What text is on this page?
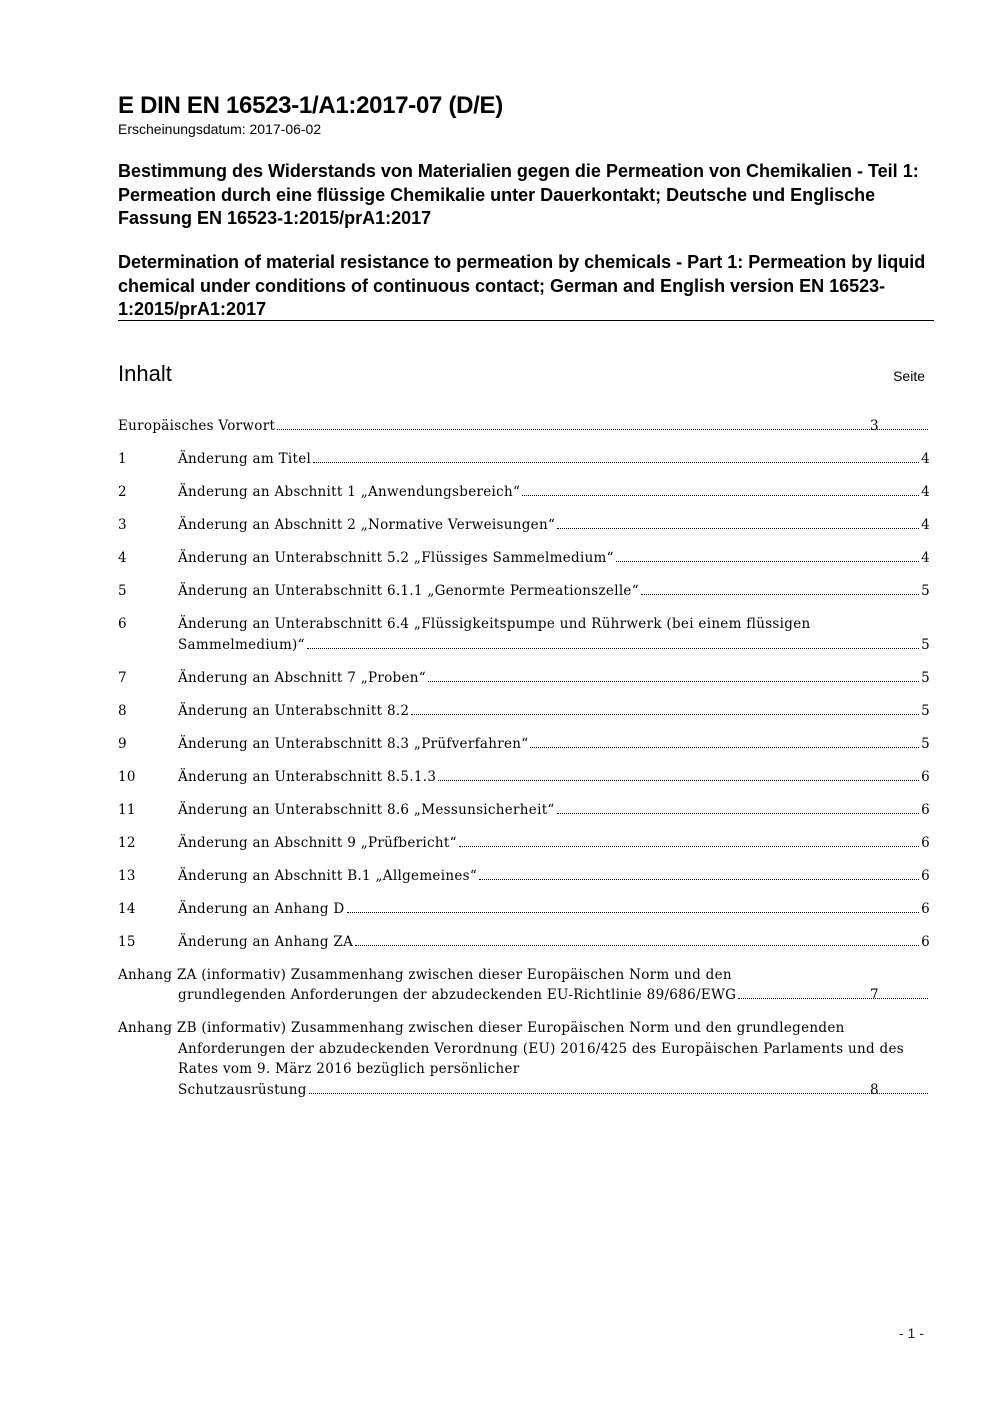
E DIN EN 16523-1/A1:2017-07 (D/E)
Erscheinungsdatum: 2017-06-02
Bestimmung des Widerstands von Materialien gegen die Permeation von Chemikalien - Teil 1: Permeation durch eine flüssige Chemikalie unter Dauerkontakt; Deutsche und Englische Fassung EN 16523-1:2015/prA1:2017
Determination of material resistance to permeation by chemicals - Part 1: Permeation by liquid chemical under conditions of continuous contact; German and English version EN 16523-1:2015/prA1:2017
Inhalt	Seite
Europäisches Vorwort	3
1	Änderung am Titel	4
2	Änderung an Abschnitt 1 „Anwendungsbereich“	4
3	Änderung an Abschnitt 2 „Normative Verweisungen“	4
4	Änderung an Unterabschnitt 5.2 „Flüssiges Sammelmedium“	4
5	Änderung an Unterabschnitt 6.1.1 „Genormte Permeationszelle“	5
6	Änderung an Unterabschnitt 6.4 „Flüssigkeitspumpe und Rührwerk (bei einem flüssigen
Sammelmedium)“	5
7	Änderung an Abschnitt 7 „Proben“	5
8	Änderung an Unterabschnitt 8.2	5
9	Änderung an Unterabschnitt 8.3 „Prüfverfahren“	5
10	Änderung an Unterabschnitt 8.5.1.3	6
11	Änderung an Unterabschnitt 8.6 „Messunsicherheit“	6
12	Änderung an Abschnitt 9 „Prüfbericht“	6
13	Änderung an Abschnitt B.1 „Allgemeines“	6
14	Änderung an Anhang D	6
15	Änderung an Anhang ZA	6
Anhang ZA (informativ) Zusammenhang zwischen dieser Europäischen Norm und den
grundlegenden Anforderungen der abzudeckenden EU-Richtlinie 89/686/EWG	7
Anhang ZB (informativ) Zusammenhang zwischen dieser Europäischen Norm und den grundlegenden Anforderungen der abzudeckenden Verordnung (EU) 2016/425 des Europäischen Parlaments und des Rates vom 9. März 2016 bezüglich persönlicher
Schutzausrüstung	8
- 1 -
